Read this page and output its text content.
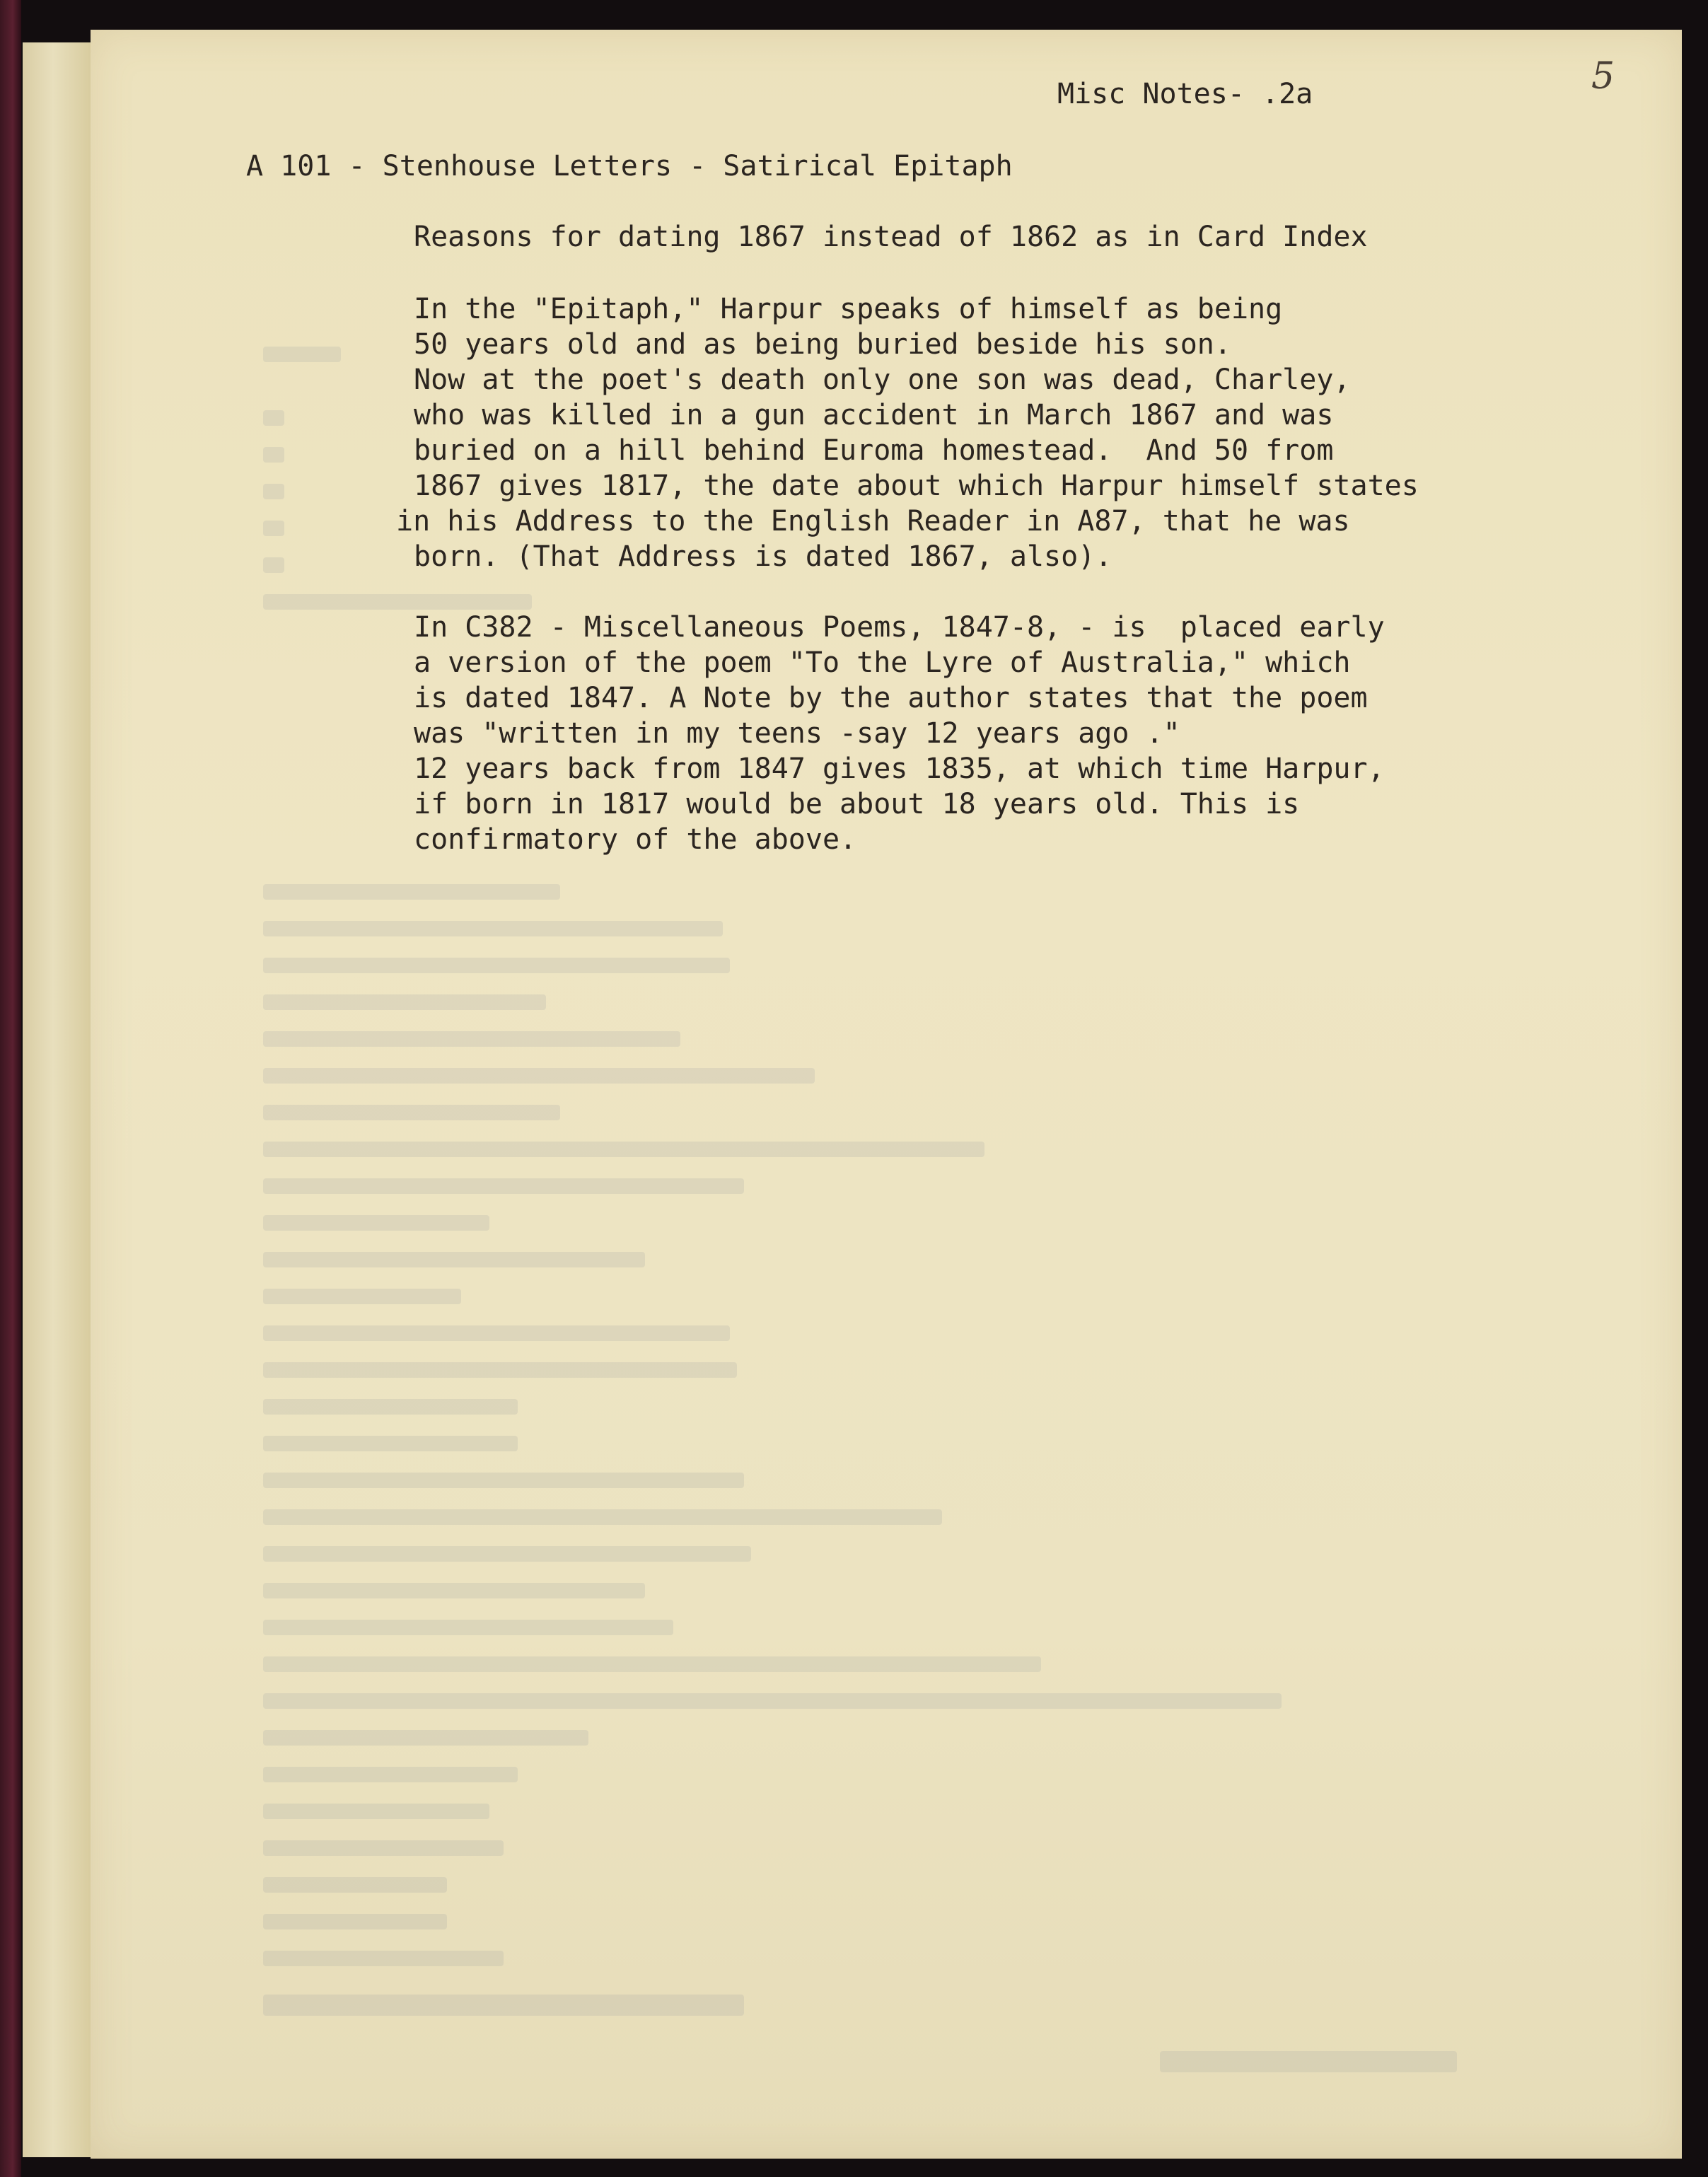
5
Misc Notes- .2a
A 101 - Stenhouse Letters - Satirical Epitaph
Reasons for dating 1867 instead of 1862 as in Card Index
In the "Epitaph," Harpur speaks of himself as being
50 years old and as being buried beside his son.
Now at the poet's death only one son was dead, Charley,
who was killed in a gun accident in March 1867 and was
buried on a hill behind Euroma homestead.  And 50 from
1867 gives 1817, the date about which Harpur himself states
in his Address to the English Reader in A87, that he was
born. (That Address is dated 1867, also).
In C382 - Miscellaneous Poems, 1847-8, - is  placed early
a version of the poem "To the Lyre of Australia," which
is dated 1847. A Note by the author states that the poem
was "written in my teens -say 12 years ago ."
12 years back from 1847 gives 1835, at which time Harpur,
if born in 1817 would be about 18 years old. This is
confirmatory of the above.
